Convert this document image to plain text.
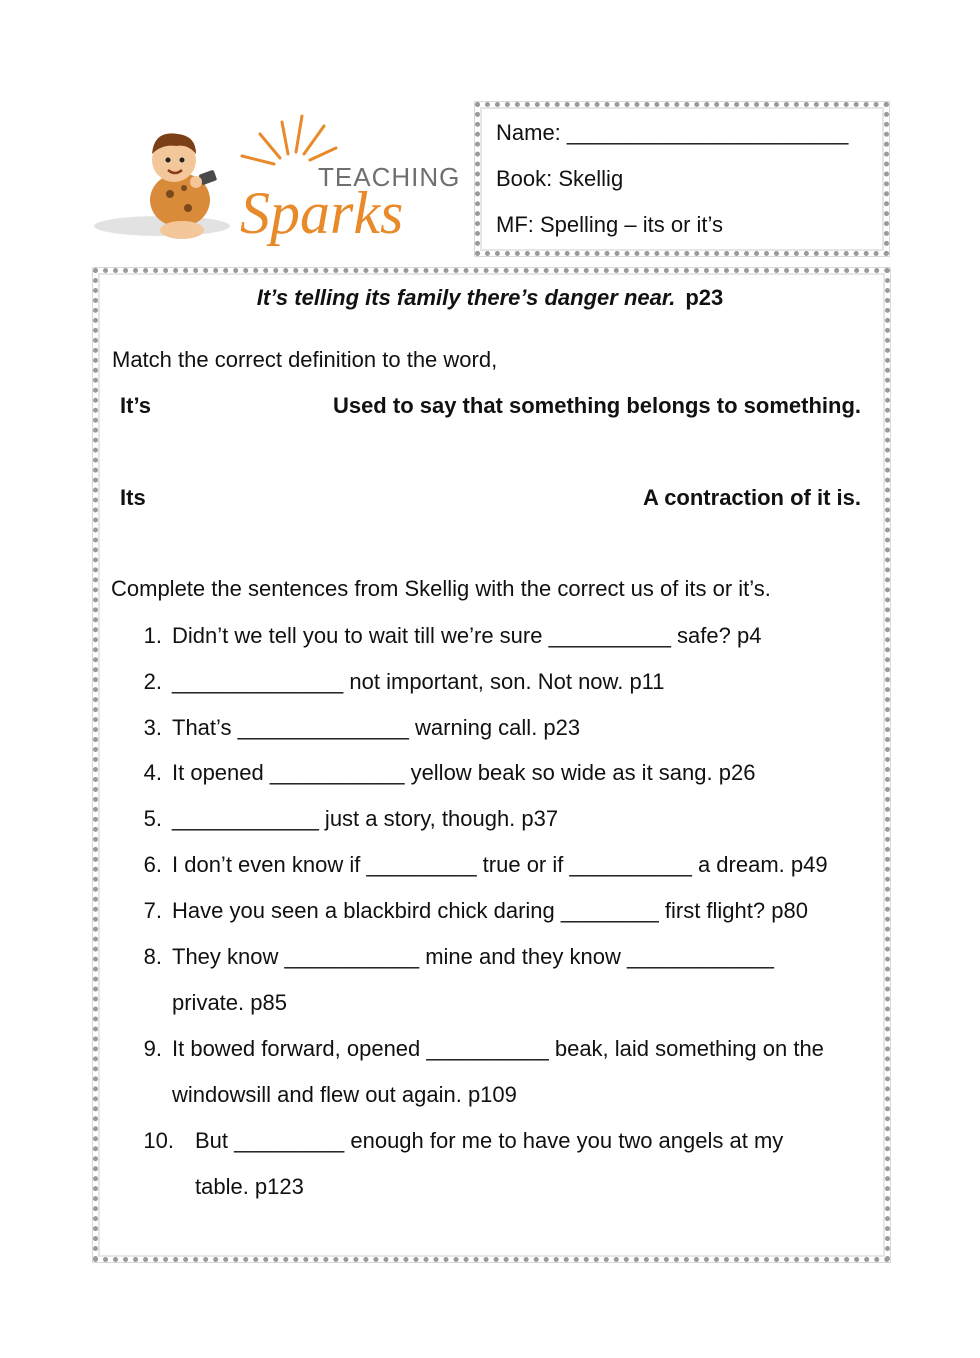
TEACHING
Sparks
Name: _______________________
Book: Skellig
MF: Spelling – its or it’s
It’s telling its family there’s danger near. p23
Match the correct definition to the word,
It’s	Used to say that something belongs to something.
Its	A contraction of it is.
Complete the sentences from Skellig with the correct us of its or it’s.
1. Didn’t we tell you to wait till we’re sure __________ safe? p4
2. ______________ not important, son. Not now. p11
3. That’s ______________ warning call. p23
4. It opened ___________ yellow beak so wide as it sang. p26
5. ____________ just a story, though. p37
6. I don’t even know if _________ true or if __________ a dream. p49
7. Have you seen a blackbird chick daring ________ first flight? p80
8. They know ___________ mine and they know ____________
private. p85
9. It bowed forward, opened __________ beak, laid something on the
windowsill and flew out again. p109
10. But _________ enough for me to have you two angels at my
table. p123
